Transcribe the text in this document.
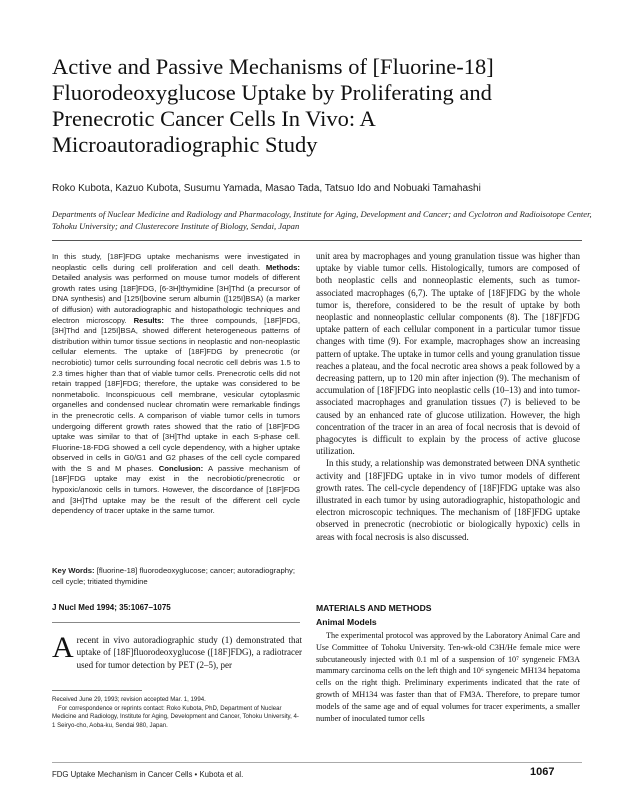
Active and Passive Mechanisms of [Fluorine-18] Fluorodeoxyglucose Uptake by Proliferating and Prenecrotic Cancer Cells In Vivo: A Microautoradiographic Study
Roko Kubota, Kazuo Kubota, Susumu Yamada, Masao Tada, Tatsuo Ido and Nobuaki Tamahashi
Departments of Nuclear Medicine and Radiology and Pharmacology, Institute for Aging, Development and Cancer; and Cyclotron and Radioisotope Center, Tohoku University; and Clusterecore Institute of Biology, Sendai, Japan

In this study, [18F]FDG uptake mechanisms were investigated in neoplastic cells during cell proliferation and cell death. Methods: Detailed analysis was performed on mouse tumor models of different growth rates using [18F]FDG, [6-3H]thymidine [3H]Thd (a precursor of DNA synthesis) and [125I]bovine serum albumin ([125I]BSA) (a marker of diffusion) with autoradiographic and histopathologic techniques and electron microscopy. Results: The three compounds, [18F]FDG, [3H]Thd and [125I]BSA, showed different heterogeneous patterns of distribution within tumor tissue sections in neoplastic and non-neoplastic cellular elements. The uptake of [18F]FDG by prenecrotic (or necrobiotic) tumor cells surrounding focal necrotic cell debris was 1.5 to 2.3 times higher than that of viable tumor cells. Prenecrotic cells did not retain trapped [18F]FDG; therefore, the uptake was considered to be nonmetabolic. Inconspicuous cell membrane, vesicular cytoplasmic organelles and condensed nuclear chromatin were remarkable findings in the prenecrotic cells. A comparison of viable tumor cells in tumors undergoing different growth rates showed that the ratio of [18F]FDG uptake was similar to that of [3H]Thd uptake in each S-phase cell. Fluorine-18-FDG showed a cell cycle dependency, with a higher uptake observed in cells in G0/G1 and G2 phases of the cell cycle compared with the S and M phases. Conclusion: A passive mechanism of [18F]FDG uptake may exist in the necrobiotic/prenecrotic or hypoxic/anoxic cells in tumors. However, the discordance of [18F]FDG and [3H]Thd uptake may be the result of the different cell cycle dependency of tracer uptake in the same tumor.

Key Words: [fluorine-18] fluorodeoxyglucose; cancer; autoradiography; cell cycle; tritiated thymidine

J Nucl Med 1994; 35:1067–1075

A recent in vivo autoradiographic study (1) demonstrated that uptake of [18F]fluorodeoxyglucose ([18F]FDG), a radiotracer used for tumor detection by PET (2–5), per

Received June 29, 1993; revision accepted Mar. 1, 1994.

For correspondence or reprints contact: Roko Kubota, PhD, Department of Nuclear Medicine and Radiology, Institute for Aging, Development and Cancer, Tohoku University, 4-1 Seiryo-cho, Aoba-ku, Sendai 980, Japan.

unit area by macrophages and young granulation tissue was higher than uptake by viable tumor cells. Histologically, tumors are composed of both neoplastic cells and nonneoplastic elements, such as tumor-associated macrophages (6,7). The uptake of [18F]FDG by the whole tumor is, therefore, considered to be the result of uptake by both neoplastic and nonneoplastic cellular components (8). The [18F]FDG uptake pattern of each cellular component in a particular tumor tissue changes with time (9). For example, macrophages show an increasing pattern of uptake. The uptake in tumor cells and young granulation tissue reaches a plateau, and the focal necrotic area shows a peak followed by a decreasing pattern, up to 120 min after injection (9). The mechanism of accumulation of [18F]FDG into neoplastic cells (10–13) and into tumor-associated macrophages and granulation tissues (7) is believed to be caused by an enhanced rate of glucose utilization. However, the high concentration of the tracer in an area of focal necrosis that is devoid of phagocytes is difficult to explain by the process of active glucose utilization.

In this study, a relationship was demonstrated between DNA synthetic activity and [18F]FDG uptake in in vivo tumor models of different growth rates. The cell-cycle dependency of [18F]FDG uptake was also illustrated in each tumor by using autoradiographic, histopathologic and electron microscopic techniques. The mechanism of [18F]FDG uptake observed in prenecrotic (necrobiotic or biologically hypoxic) cells in areas with focal necrosis is also discussed.

MATERIALS AND METHODS
Animal Models

The experimental protocol was approved by the Laboratory Animal Care and Use Committee of Tohoku University. Ten-wk-old C3H/He female mice were subcutaneously injected with 0.1 ml of a suspension of 10⁷ syngeneic FM3A mammary carcinoma cells on the left thigh and 10⁶ syngeneic MH134 hepatoma cells on the right thigh. Preliminary experiments indicated that the rate of growth of MH134 was faster than that of FM3A. Therefore, to prepare tumor models of the same age and of equal volumes for tracer experiments, a smaller number of inoculated tumor cells

FDG Uptake Mechanism in Cancer Cells • Kubota et al.	1067
